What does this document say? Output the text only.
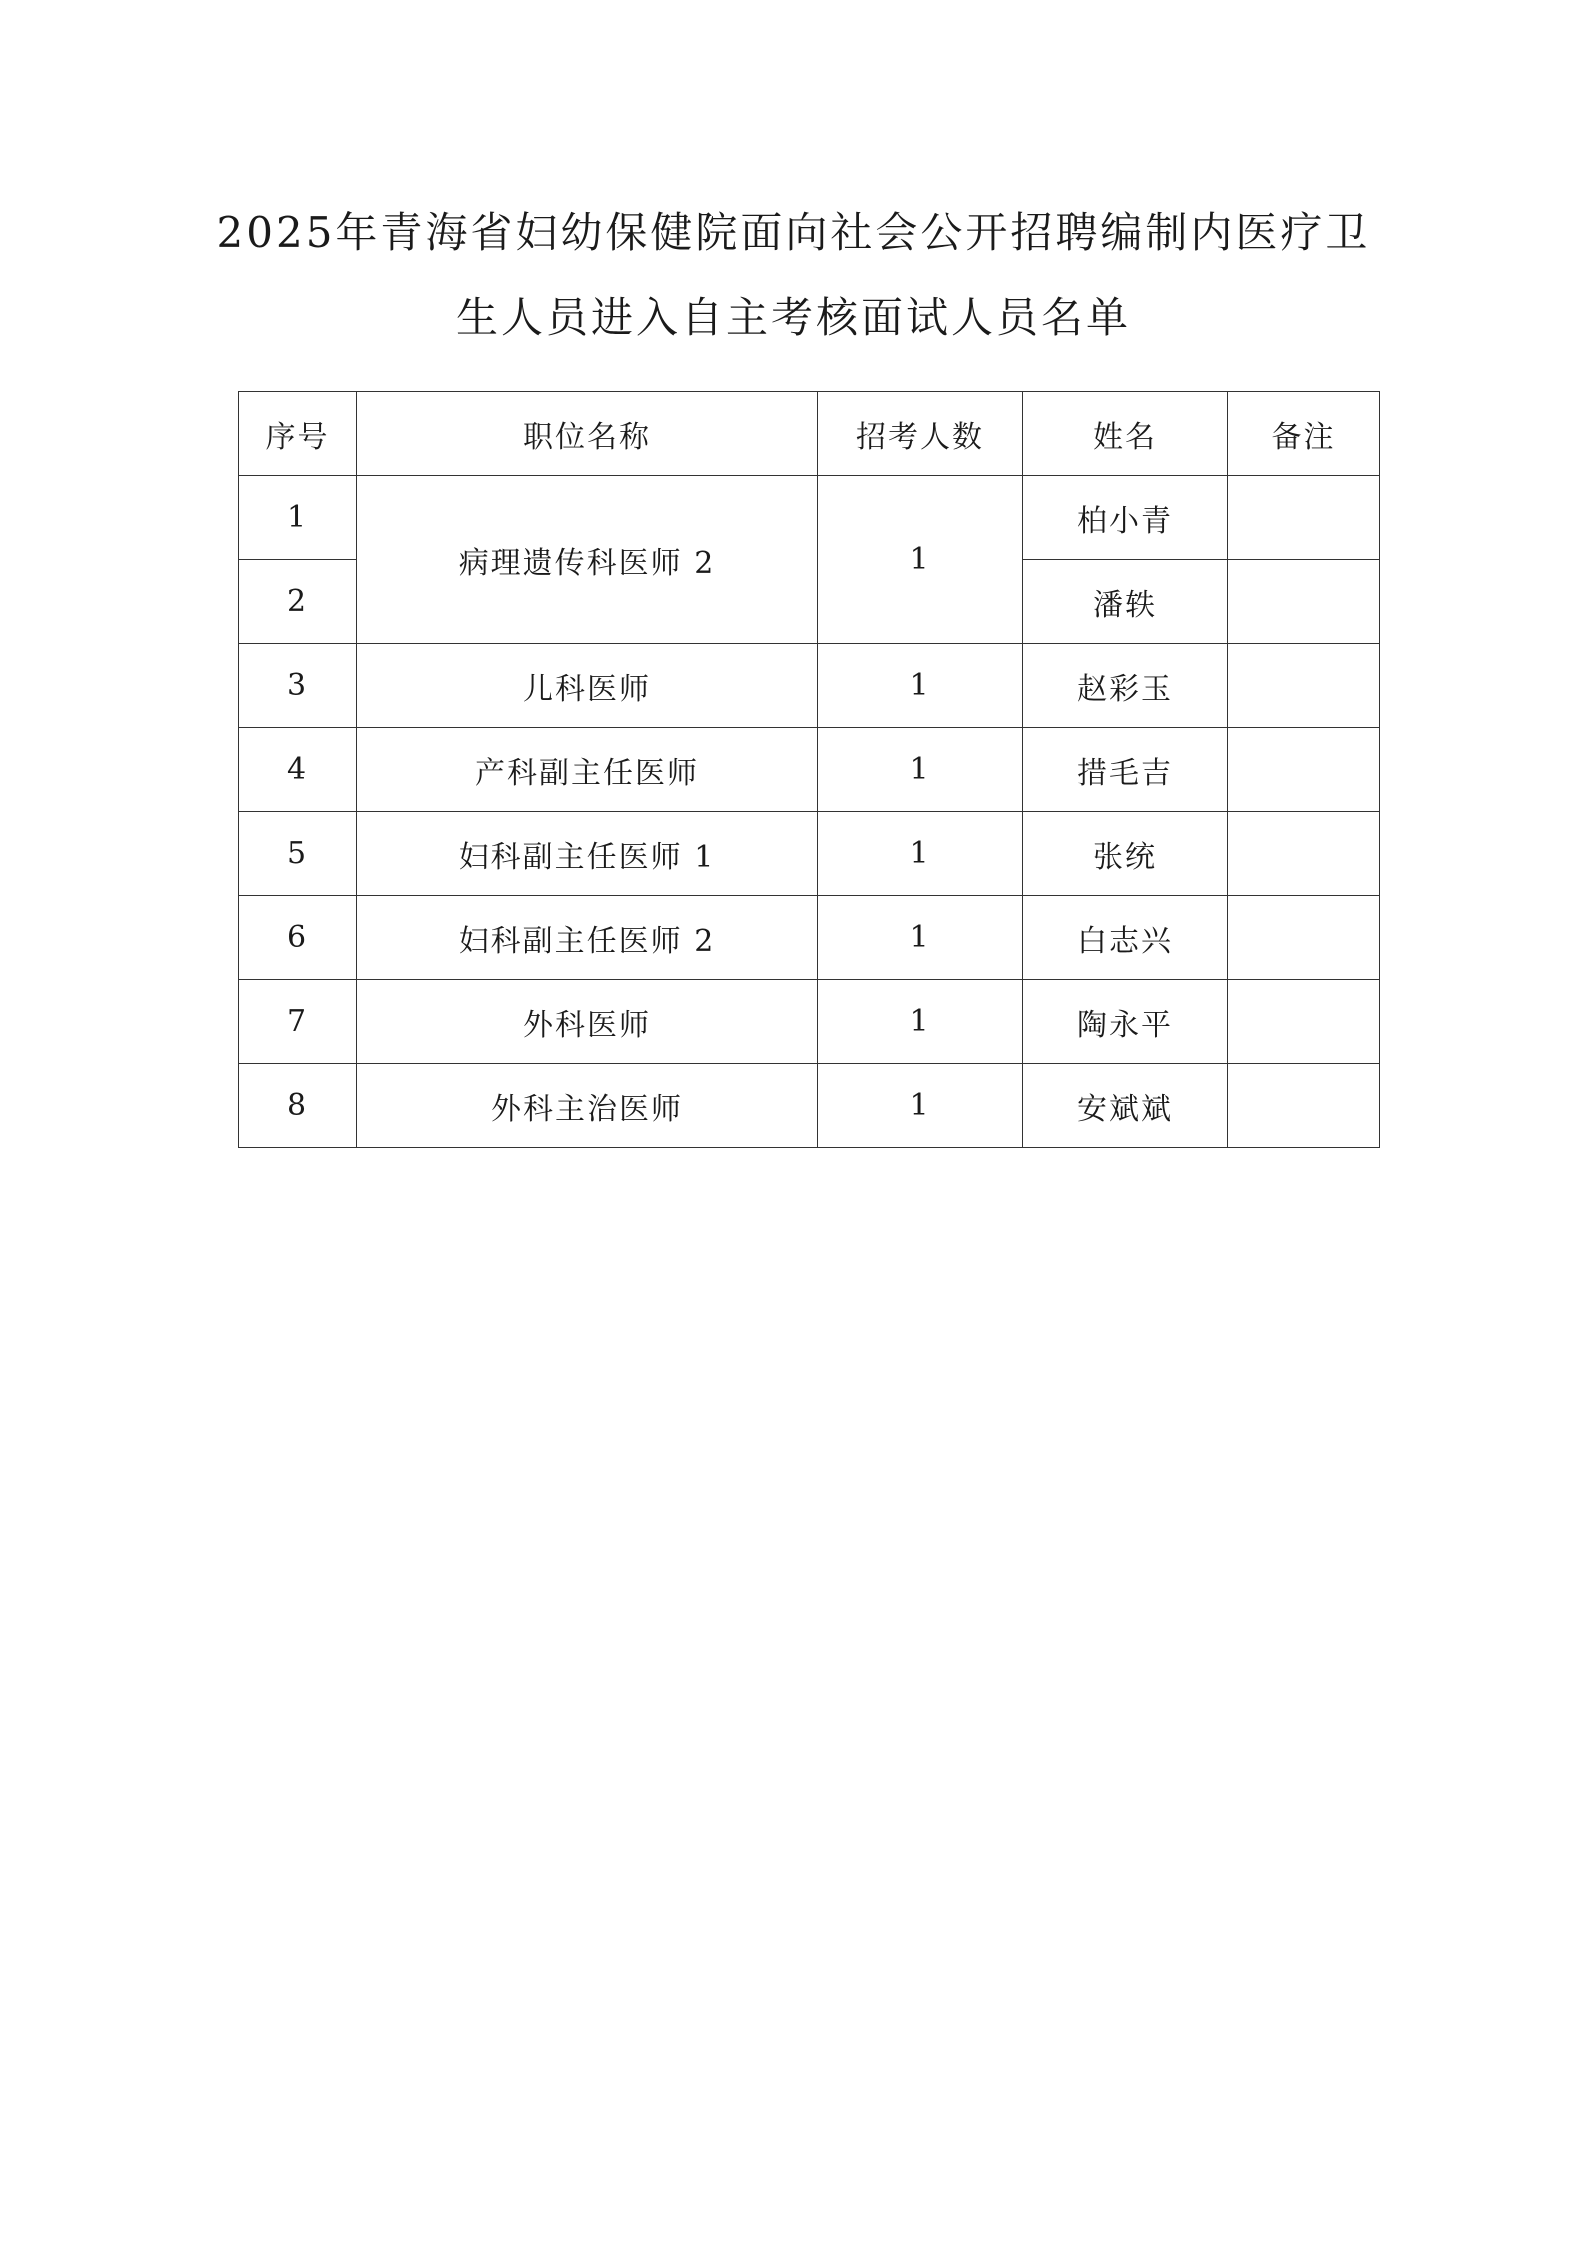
2025年青海省妇幼保健院面向社会公开招聘编制内医疗卫
生人员进入自主考核面试人员名单
序号	职位名称	招考人数	姓名	备注
1	病理遗传科医师 2	1	柏小青	
2			潘轶	
3	儿科医师	1	赵彩玉	
4	产科副主任医师	1	措毛吉	
5	妇科副主任医师 1	1	张统	
6	妇科副主任医师 2	1	白志兴	
7	外科医师	1	陶永平	
8	外科主治医师	1	安斌斌	
